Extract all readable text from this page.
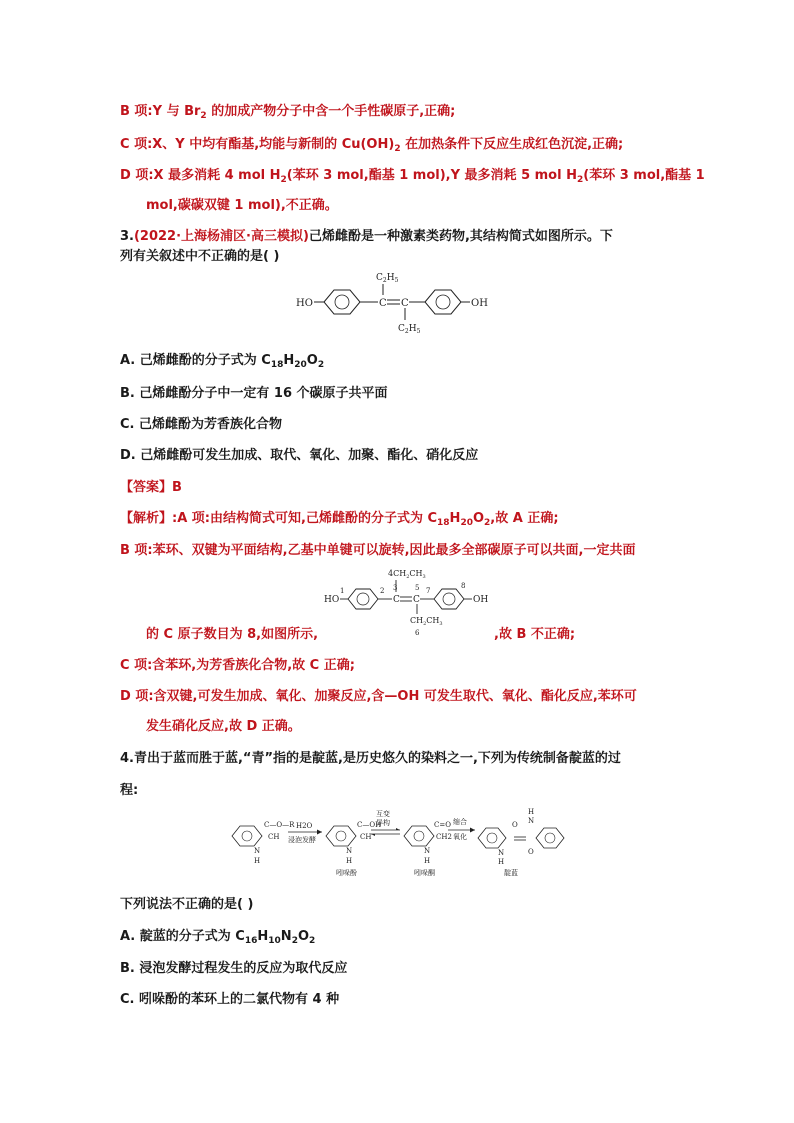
B 项:Y 与 $Br_2$ 的加成产物分子中含一个手性碳原子,正确;
C 项:X、Y 中均有酯基,均能与新制的 $Cu(OH)_2$ 在加热条件下反应生成红色沉淀,正确;
D 项:X 最多消耗 4 mol $H_2$(苯环 3 mol,酯基 1 mol),Y 最多消耗 5 mol $H_2$(苯环 3 mol,酯基 1
mol,碳碳双键 1 mol),不正确。
3.(2022·上海杨浦区·高三模拟)己烯雌酚是一种激素类药物,其结构简式如图所示。下
列有关叙述中不正确的是( )
HO	C C
$C_2H_5$
$C_2H_5$
OH
A. 己烯雌酚的分子式为 $C_{18}H_{20}O_2$
B. 己烯雌酚分子中一定有 16 个碳原子共平面
C. 己烯雌酚为芳香族化合物
D. 己烯雌酚可发生加成、取代、氧化、加聚、酯化、硝化反应
【答案】B
【解析】:A 项:由结构简式可知,己烯雌酚的分子式为 $C_{18}H_{20}O_2$,故 A 正确;
B 项:苯环、双键为平面结构,乙基中单键可以旋转,因此最多全部碳原子可以共面,一定共面
HO
1	2
C
3
C
5
$4CH_2CH_3$
$CH_2CH_3$
6
7
8
OH
的 C 原子数目为 8,如图所示,	,故 B 不正确;
C 项:含苯环,为芳香族化合物,故 C 正确;
D 项:含双键,可发生加成、氧化、加聚反应,含—OH 可发生取代、氧化、酯化反应,苯环可
发生硝化反应,故 D 正确。
4.青出于蓝而胜于蓝,“青”指的是靛蓝,是历史悠久的染料之一,下列为传统制备靛蓝的过
程:
C—O—R
CH
N
H
H2O
浸泡发酵
C—OH
CH
N
H
吲哚酚
互变
异构	C=O
CH2
N
H
吲哚酮
缩合
氧化
O
N
H
H
N
O
靛蓝
下列说法不正确的是( )
A. 靛蓝的分子式为 $C_{16}H_{10}N_2O_2$
B. 浸泡发酵过程发生的反应为取代反应
C. 吲哚酚的苯环上的二氯代物有 4 种
